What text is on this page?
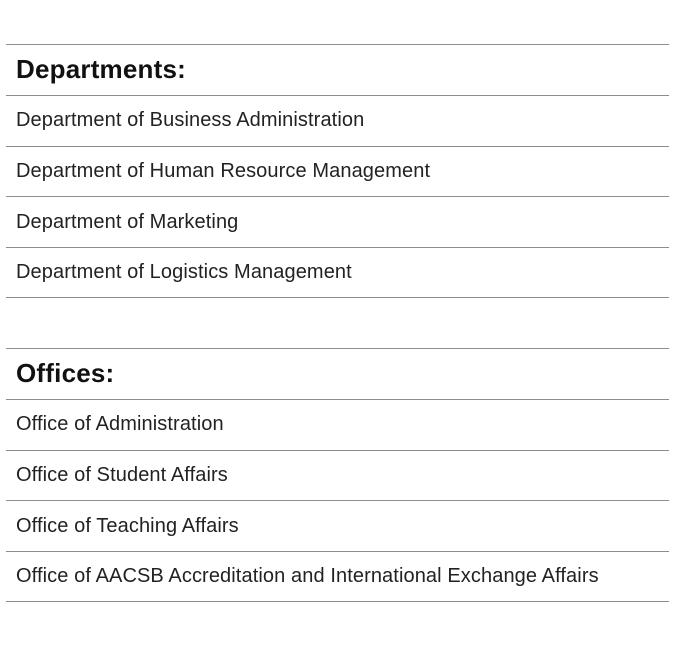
Departments:
Department of Business Administration
Department of Human Resource Management
Department of Marketing
Department of Logistics Management
Offices:
Office of Administration
Office of Student Affairs
Office of Teaching Affairs
Office of AACSB Accreditation and International Exchange Affairs
